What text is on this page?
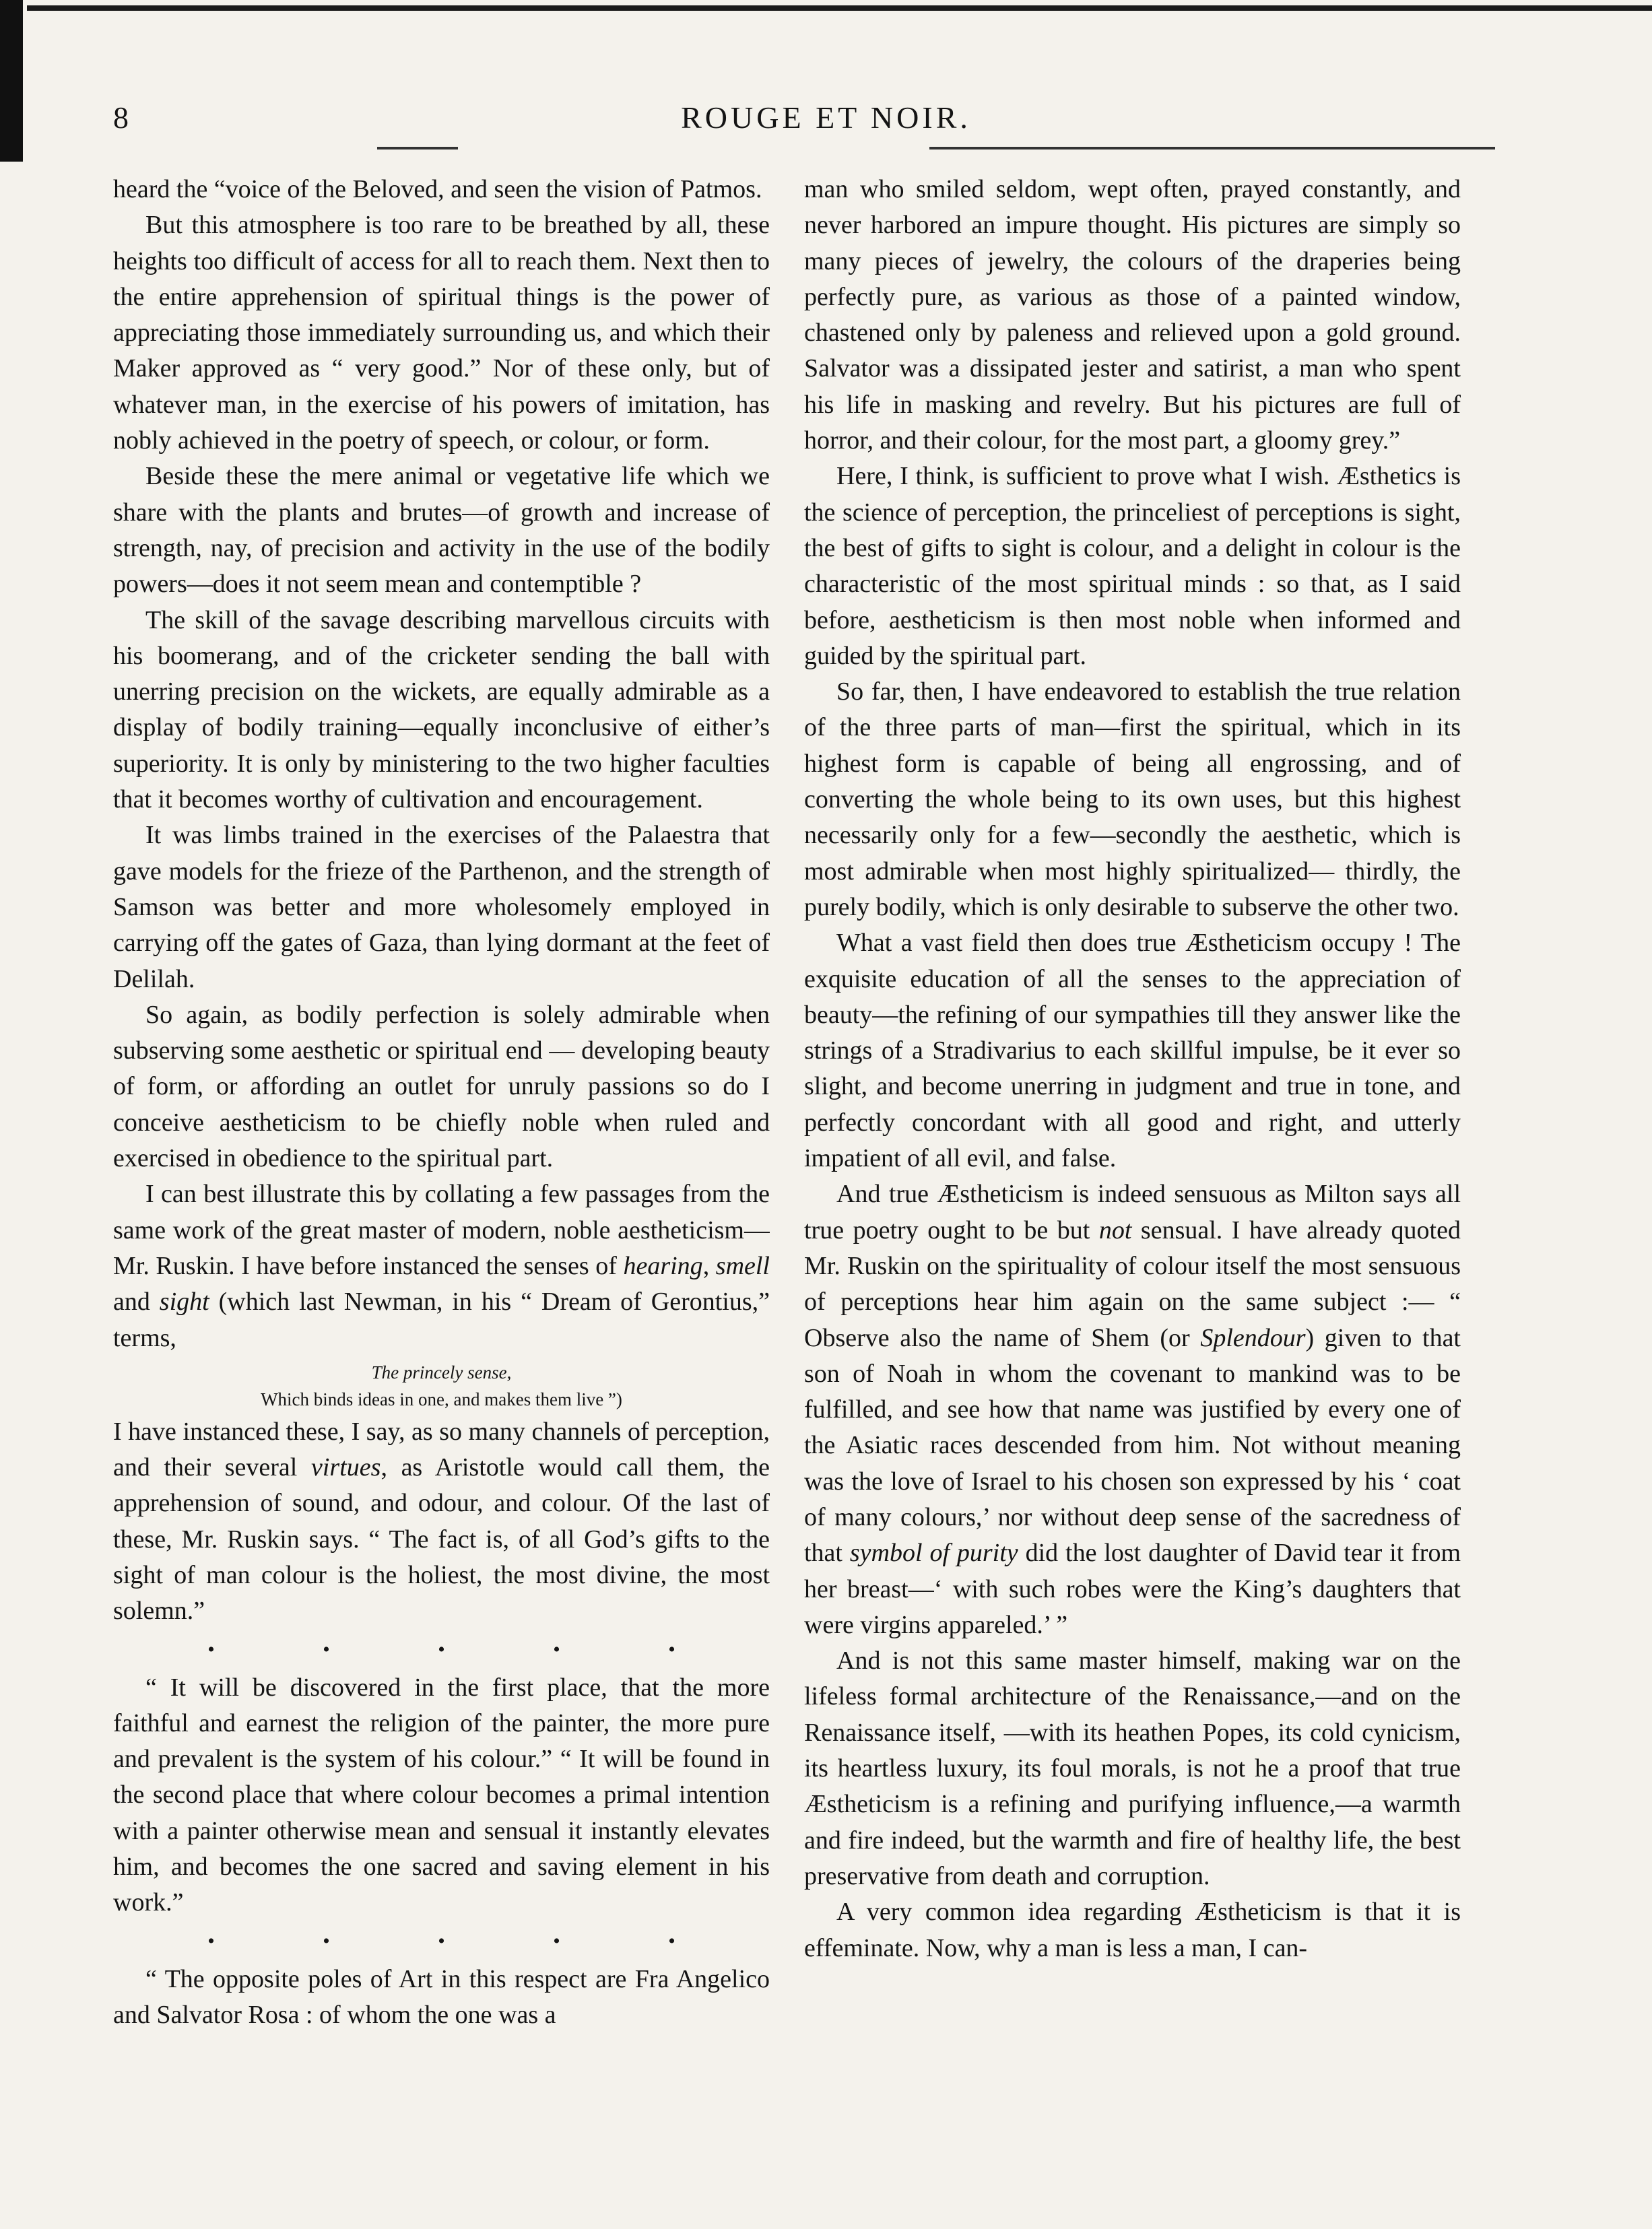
8	ROUGE ET NOIR.

heard the “voice of the Beloved, and seen the vision of Patmos.

But this atmosphere is too rare to be breathed by all, these heights too difficult of access for all to reach them. Next then to the entire apprehension of spiritual things is the power of appreciating those immediately surrounding us, and which their Maker approved as “ very good.” Nor of these only, but of whatever man, in the exercise of his powers of imitation, has nobly achieved in the poetry of speech, or colour, or form.

Beside these the mere animal or vegetative life which we share with the plants and brutes—of growth and increase of strength, nay, of precision and activity in the use of the bodily powers—does it not seem mean and contemptible ?

The skill of the savage describing marvellous circuits with his boomerang, and of the cricketer sending the ball with unerring precision on the wickets, are equally admirable as a display of bodily training—equally inconclusive of either’s superiority. It is only by ministering to the two higher faculties that it becomes worthy of cultivation and encouragement.

It was limbs trained in the exercises of the Palaestra that gave models for the frieze of the Parthenon, and the strength of Samson was better and more wholesomely employed in carrying off the gates of Gaza, than lying dormant at the feet of Delilah.

So again, as bodily perfection is solely admirable when subserving some aesthetic or spiritual end — developing beauty of form, or affording an outlet for unruly passions so do I conceive aestheticism to be chiefly noble when ruled and exercised in obedience to the spiritual part.

I can best illustrate this by collating a few passages from the same work of the great master of modern, noble aestheticism—Mr. Ruskin. I have before instanced the senses of hearing, smell and sight (which last Newman, in his “ Dream of Gerontius,” terms,

The princely sense,
Which binds ideas in one, and makes them live ”)

I have instanced these, I say, as so many channels of perception, and their several virtues, as Aristotle would call them, the apprehension of sound, and odour, and colour. Of the last of these, Mr. Ruskin says. “ The fact is, of all God’s gifts to the sight of man colour is the holiest, the most divine, the most solemn.”

•	•	•	•	•

“ It will be discovered in the first place, that the more faithful and earnest the religion of the painter, the more pure and prevalent is the system of his colour.” “ It will be found in the second place that where colour becomes a primal intention with a painter otherwise mean and sensual it instantly elevates him, and becomes the one sacred and saving element in his work.”

•	•	•	•	•

“ The opposite poles of Art in this respect are Fra Angelico and Salvator Rosa : of whom the one was a

man who smiled seldom, wept often, prayed constantly, and never harbored an impure thought. His pictures are simply so many pieces of jewelry, the colours of the draperies being perfectly pure, as various as those of a painted window, chastened only by paleness and relieved upon a gold ground. Salvator was a dissipated jester and satirist, a man who spent his life in masking and revelry. But his pictures are full of horror, and their colour, for the most part, a gloomy grey.”

Here, I think, is sufficient to prove what I wish. Æsthetics is the science of perception, the princeliest of perceptions is sight, the best of gifts to sight is colour, and a delight in colour is the characteristic of the most spiritual minds : so that, as I said before, aestheticism is then most noble when informed and guided by the spiritual part.

So far, then, I have endeavored to establish the true relation of the three parts of man—first the spiritual, which in its highest form is capable of being all engrossing, and of converting the whole being to its own uses, but this highest necessarily only for a few—secondly the aesthetic, which is most admirable when most highly spiritualized— thirdly, the purely bodily, which is only desirable to subserve the other two.

What a vast field then does true Æstheticism occupy ! The exquisite education of all the senses to the appreciation of beauty—the refining of our sympathies till they answer like the strings of a Stradivarius to each skillful impulse, be it ever so slight, and become unerring in judgment and true in tone, and perfectly concordant with all good and right, and utterly impatient of all evil, and false.

And true Æstheticism is indeed sensuous as Milton says all true poetry ought to be but not sensual. I have already quoted Mr. Ruskin on the spirituality of colour itself the most sensuous of perceptions hear him again on the same subject :— “ Observe also the name of Shem (or Splendour) given to that son of Noah in whom the covenant to mankind was to be fulfilled, and see how that name was justified by every one of the Asiatic races descended from him. Not without meaning was the love of Israel to his chosen son expressed by his ‘ coat of many colours,’ nor without deep sense of the sacredness of that symbol of purity did the lost daughter of David tear it from her breast—‘ with such robes were the King’s daughters that were virgins appareled.’ ”

And is not this same master himself, making war on the lifeless formal architecture of the Renaissance,—and on the Renaissance itself, —with its heathen Popes, its cold cynicism, its heartless luxury, its foul morals, is not he a proof that true Æstheticism is a refining and purifying influence,—a warmth and fire indeed, but the warmth and fire of healthy life, the best preservative from death and corruption.

A very common idea regarding Æstheticism is that it is effeminate. Now, why a man is less a man, I can-
